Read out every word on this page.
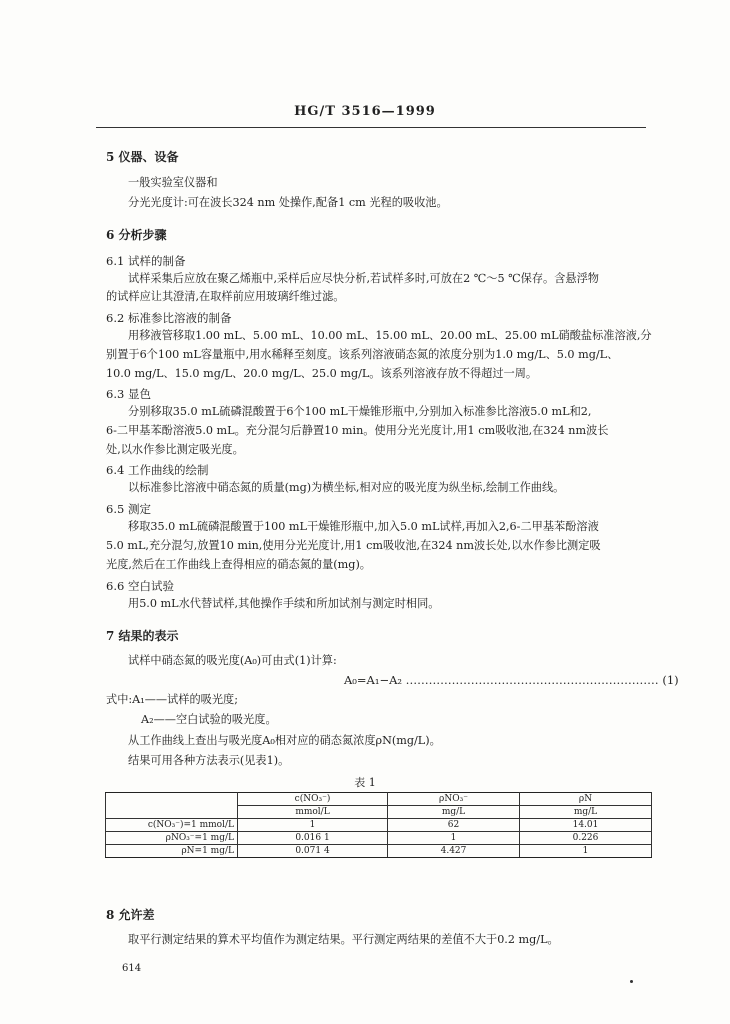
HG/T 3516—1999
5 仪器、设备
一般实验室仪器和
分光光度计:可在波长324 nm 处操作,配备1 cm 光程的吸收池。
6 分析步骤
6.1 试样的制备
试样采集后应放在聚乙烯瓶中,采样后应尽快分析,若试样多时,可放在2 ℃～5 ℃保存。含悬浮物
的试样应让其澄清,在取样前应用玻璃纤维过滤。
6.2 标准参比溶液的制备
用移液管移取1.00 mL、5.00 mL、10.00 mL、15.00 mL、20.00 mL、25.00 mL硝酸盐标准溶液,分
别置于6个100 mL容量瓶中,用水稀释至刻度。该系列溶液硝态氮的浓度分别为1.0 mg/L、5.0 mg/L、
10.0 mg/L、15.0 mg/L、20.0 mg/L、25.0 mg/L。该系列溶液存放不得超过一周。
6.3 显色
分别移取35.0 mL硫磷混酸置于6个100 mL干燥锥形瓶中,分别加入标准参比溶液5.0 mL和2,
6-二甲基苯酚溶液5.0 mL。充分混匀后静置10 min。使用分光光度计,用1 cm吸收池,在324 nm波长
处,以水作参比测定吸光度。
6.4 工作曲线的绘制
以标准参比溶液中硝态氮的质量(mg)为横坐标,相对应的吸光度为纵坐标,绘制工作曲线。
6.5 测定
移取35.0 mL硫磷混酸置于100 mL干燥锥形瓶中,加入5.0 mL试样,再加入2,6-二甲基苯酚溶液
5.0 mL,充分混匀,放置10 min,使用分光光度计,用1 cm吸收池,在324 nm波长处,以水作参比测定吸
光度,然后在工作曲线上查得相应的硝态氮的量(mg)。
6.6 空白试验
用5.0 mL水代替试样,其他操作手续和所加试剂与测定时相同。
7 结果的表示
试样中硝态氮的吸光度(A₀)可由式(1)计算:
A₀=A₁−A₂ ………………………………………………………… (1)
式中:A₁——试样的吸光度;
A₂——空白试验的吸光度。
从工作曲线上查出与吸光度A₀相对应的硝态氮浓度ρN(mg/L)。
结果可用各种方法表示(见表1)。
表 1
	c(NO₃⁻)	ρNO₃⁻	ρN
	mmol/L	mg/L	mg/L
c(NO₃⁻)=1 mmol/L	1	62	14.01
ρNO₃⁻=1 mg/L	0.016 1	1	0.226
ρN=1 mg/L	0.071 4	4.427	1
8 允许差
取平行测定结果的算术平均值作为测定结果。平行测定两结果的差值不大于0.2 mg/L。
614
